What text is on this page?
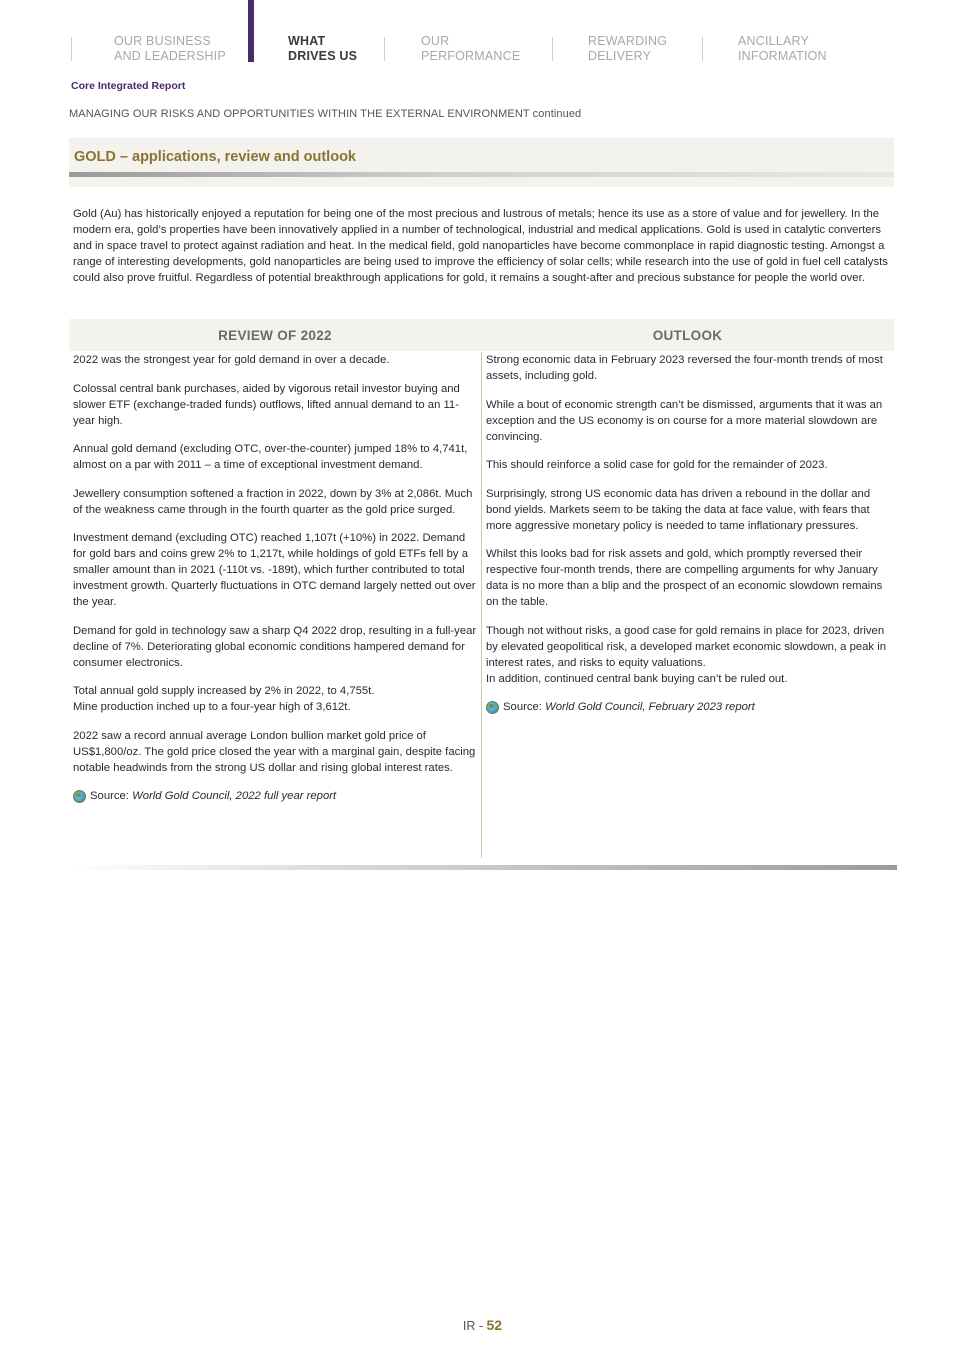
OUR BUSINESS
AND LEADERSHIP
WHAT
DRIVES US
OUR
PERFORMANCE
REWARDING
DELIVERY
ANCILLARY
INFORMATION
Core Integrated Report
MANAGING OUR RISKS AND OPPORTUNITIES WITHIN THE EXTERNAL ENVIRONMENT continued
GOLD – applications, review and outlook
Gold (Au) has historically enjoyed a reputation for being one of the most precious and lustrous of metals; hence its use as a store of value and for jewellery. In the modern era, gold’s properties have been innovatively applied in a number of technological, industrial and medical applications. Gold is used in catalytic converters and in space travel to protect against radiation and heat. In the medical field, gold nanoparticles have become commonplace in rapid diagnostic testing. Amongst a range of interesting developments, gold nanoparticles are being used to improve the efficiency of solar cells; while research into the use of gold in fuel cell catalysts could also prove fruitful. Regardless of potential breakthrough applications for gold, it remains a sought-after and precious substance for people the world over.
REVIEW OF 2022	OUTLOOK

2022 was the strongest year for gold demand in over a decade.

Colossal central bank purchases, aided by vigorous retail investor buying and slower ETF (exchange-traded funds) outflows, lifted annual demand to an 11-year high.

Annual gold demand (excluding OTC, over-the-counter) jumped 18% to 4,741t, almost on a par with 2011 – a time of exceptional investment demand.

Jewellery consumption softened a fraction in 2022, down by 3% at 2,086t. Much of the weakness came through in the fourth quarter as the gold price surged.

Investment demand (excluding OTC) reached 1,107t (+10%) in 2022. Demand for gold bars and coins grew 2% to 1,217t, while holdings of gold ETFs fell by a smaller amount than in 2021 (-110t vs. -189t), which further contributed to total investment growth. Quarterly fluctuations in OTC demand largely netted out over the year.

Demand for gold in technology saw a sharp Q4 2022 drop, resulting in a full-year decline of 7%. Deteriorating global economic conditions hampered demand for consumer electronics.

Total annual gold supply increased by 2% in 2022, to 4,755t.
Mine production inched up to a four-year high of 3,612t.

2022 saw a record annual average London bullion market gold price of US$1,800/oz. The gold price closed the year with a marginal gain, despite facing notable headwinds from the strong US dollar and rising global interest rates.

Source: World Gold Council, 2022 full year report

Strong economic data in February 2023 reversed the four-month trends of most assets, including gold.

While a bout of economic strength can’t be dismissed, arguments that it was an exception and the US economy is on course for a more material slowdown are convincing.

This should reinforce a solid case for gold for the remainder of 2023.

Surprisingly, strong US economic data has driven a rebound in the dollar and bond yields. Markets seem to be taking the data at face value, with fears that more aggressive monetary policy is needed to tame inflationary pressures.

Whilst this looks bad for risk assets and gold, which promptly reversed their respective four-month trends, there are compelling arguments for why January data is no more than a blip and the prospect of an economic slowdown remains on the table.

Though not without risks, a good case for gold remains in place for 2023, driven by elevated geopolitical risk, a developed market economic slowdown, a peak in interest rates, and risks to equity valuations.
In addition, continued central bank buying can’t be ruled out.

Source: World Gold Council, February 2023 report
IR - 52
